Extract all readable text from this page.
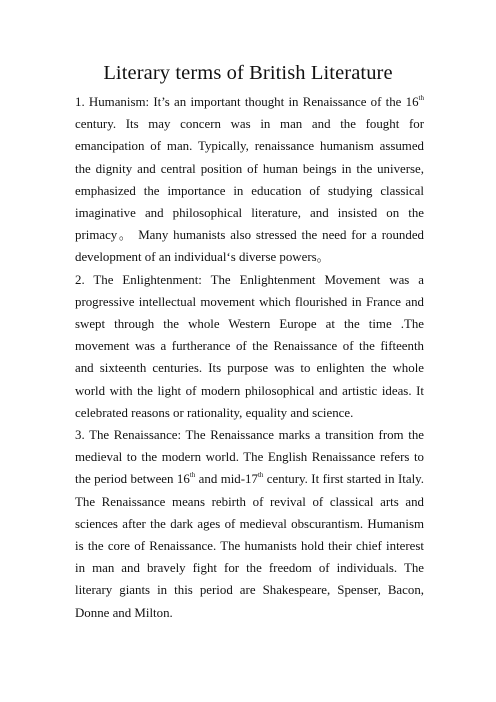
Literary terms of British Literature

1. Humanism: It’s an important thought in Renaissance of the 16th century. Its may concern was in man and the fought for emancipation of man. Typically, renaissance humanism assumed the dignity and central position of human beings in the universe, emphasized the importance in education of studying classical imaginative and philosophical literature, and insisted on the primacy。 Many humanists also stressed the need for a rounded development of an individual‘s diverse powers。

2. The Enlightenment: The Enlightenment Movement was a progressive intellectual movement which flourished in France and swept through the whole Western Europe at the time .The movement was a furtherance of the Renaissance of the fifteenth and sixteenth centuries. Its purpose was to enlighten the whole world with the light of modern philosophical and artistic ideas. It celebrated reasons or rationality, equality and science.

3. The Renaissance: The Renaissance marks a transition from the medieval to the modern world. The English Renaissance refers to the period between 16th and mid-17th century. It first started in Italy. The Renaissance means rebirth of revival of classical arts and sciences after the dark ages of medieval obscurantism. Humanism is the core of Renaissance. The humanists hold their chief interest in man and bravely fight for the freedom of individuals. The literary giants in this period are Shakespeare, Spenser, Bacon, Donne and Milton.
